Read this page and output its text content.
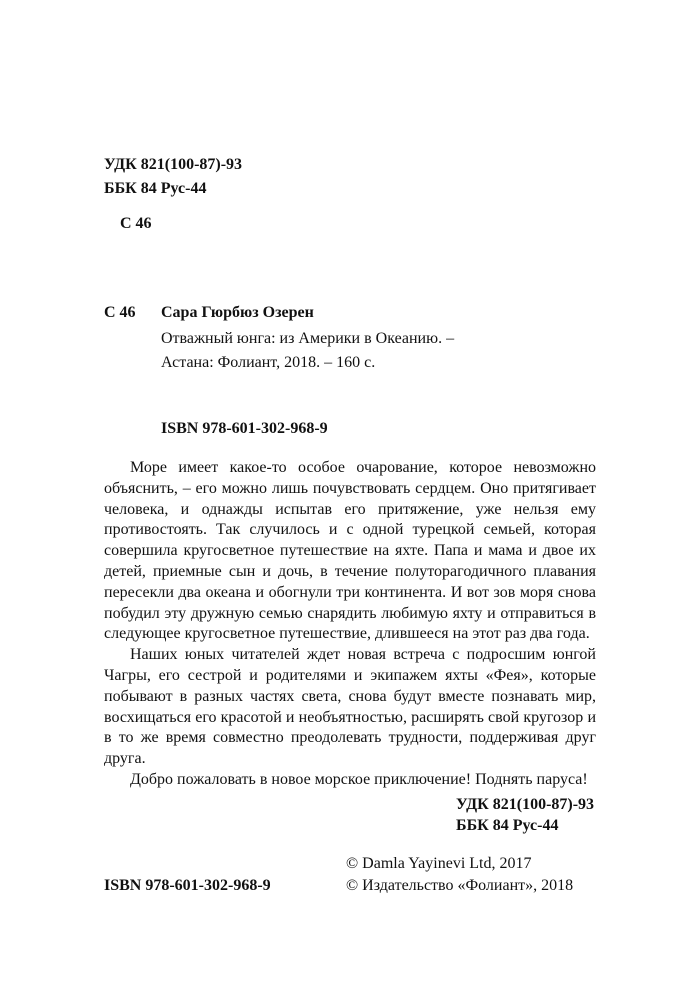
УДК 821(100-87)-93
ББК 84 Рус-44
С 46
С 46 Сара Гюрбюз Озерен
Отважный юнга: из Америки в Океанию. –
Астана: Фолиант, 2018. – 160 с.
ISBN 978-601-302-968-9

Море имеет какое-то особое очарование, которое невозможно объяснить, – его можно лишь почувствовать сердцем. Оно притягивает человека, и однажды испытав его притяжение, уже нельзя ему противостоять. Так случилось и с одной турецкой семьей, которая совершила кругосветное путешествие на яхте. Папа и мама и двое их детей, приемные сын и дочь, в течение полуторагодичного плавания пересекли два океана и обогнули три континента. И вот зов моря снова побудил эту дружную семью снарядить любимую яхту и отправиться в следующее кругосветное путешествие, длившееся на этот раз два года.

Наших юных читателей ждет новая встреча с подросшим юнгой Чагры, его сестрой и родителями и экипажем яхты «Фея», которые побывают в разных частях света, снова будут вместе познавать мир, восхищаться его красотой и необъятностью, расширять свой кругозор и в то же время совместно преодолевать трудности, поддерживая друг друга.

Добро пожаловать в новое морское приключение! Поднять паруса!

УДК 821(100-87)-93
ББК 84 Рус-44
ISBN 978-601-302-968-9
© Damla Yayinevi Ltd, 2017
© Издательство «Фолиант», 2018
